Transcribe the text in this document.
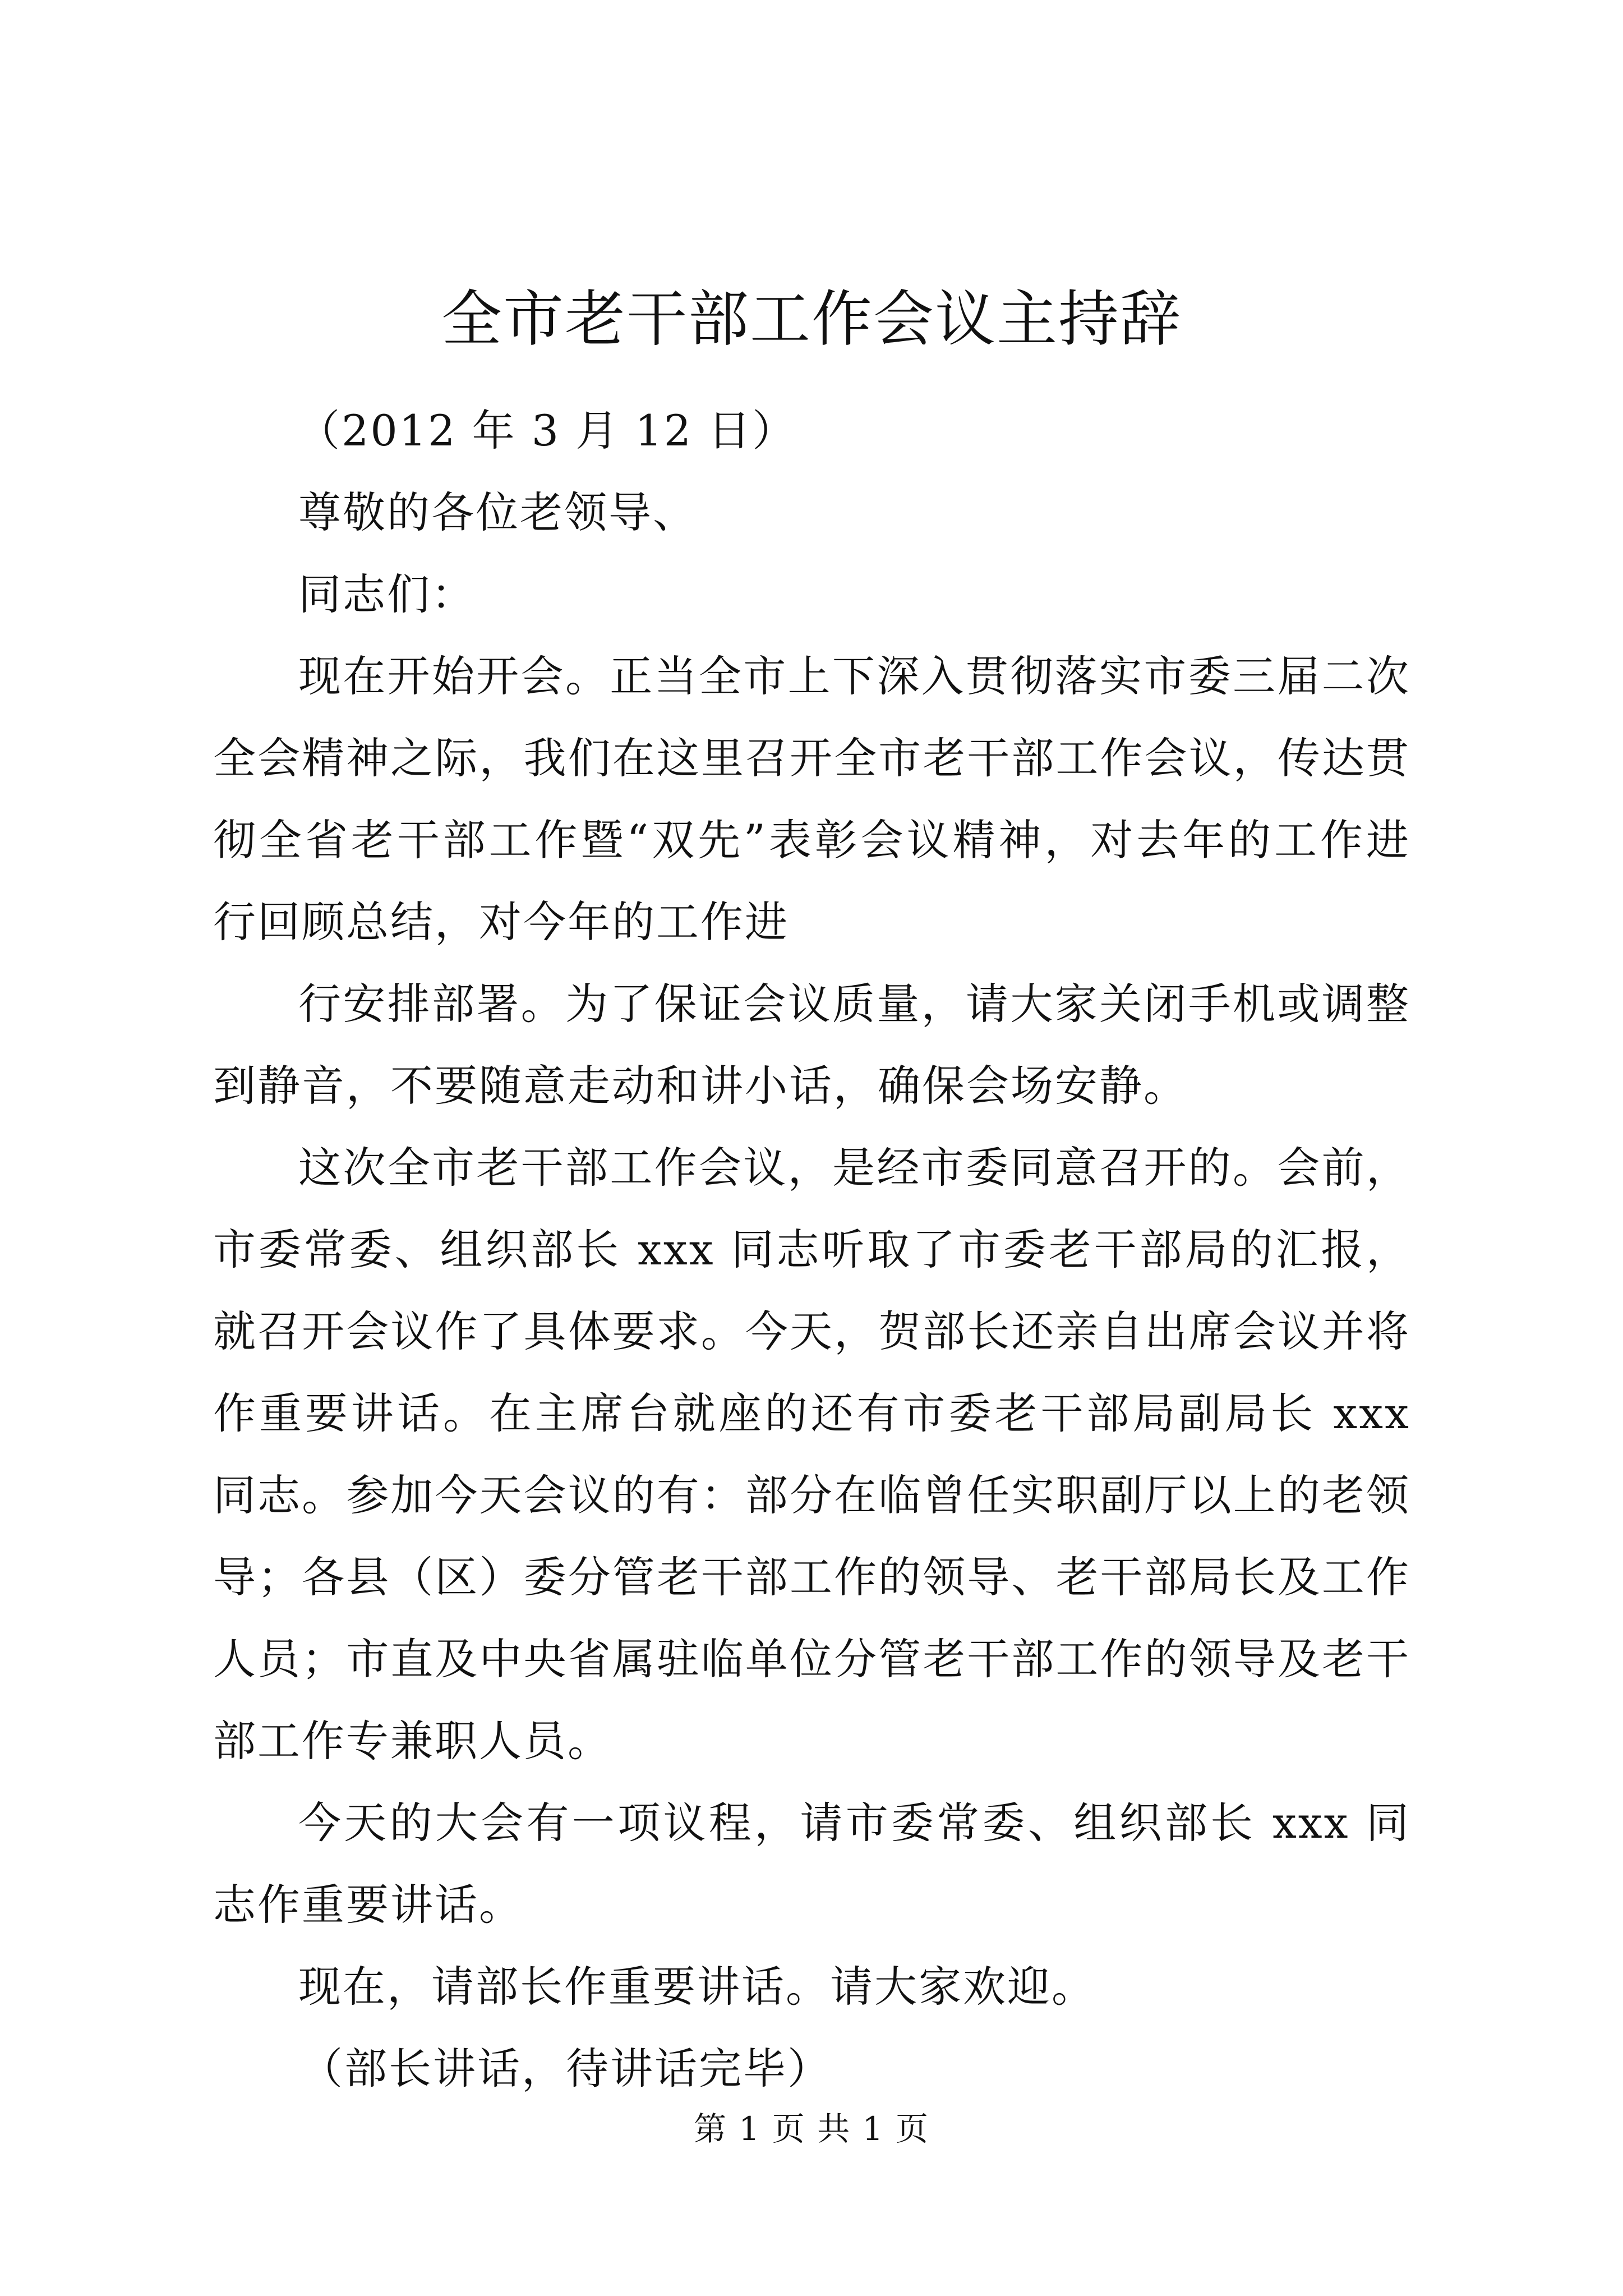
全市老干部工作会议主持辞

（2012 年 3 月 12 日）

尊敬的各位老领导、

同志们：

现在开始开会。正当全市上下深入贯彻落实市委三届二次全会精神之际，我们在这里召开全市老干部工作会议，传达贯彻全省老干部工作暨“双先”表彰会议精神，对去年的工作进行回顾总结，对今年的工作进

行安排部署。为了保证会议质量，请大家关闭手机或调整到静音，不要随意走动和讲小话，确保会场安静。

这次全市老干部工作会议，是经市委同意召开的。会前，市委常委、组织部长 xxx 同志听取了市委老干部局的汇报，就召开会议作了具体要求。今天，贺部长还亲自出席会议并将作重要讲话。在主席台就座的还有市委老干部局副局长 xxx 同志。参加今天会议的有：部分在临曾任实职副厅以上的老领导；各县（区）委分管老干部工作的领导、老干部局长及工作人员；市直及中央省属驻临单位分管老干部工作的领导及老干部工作专兼职人员。

今天的大会有一项议程，请市委常委、组织部长 xxx 同志作重要讲话。

现在，请部长作重要讲话。请大家欢迎。

（部长讲话，待讲话完毕）

第 1 页 共 1 页
